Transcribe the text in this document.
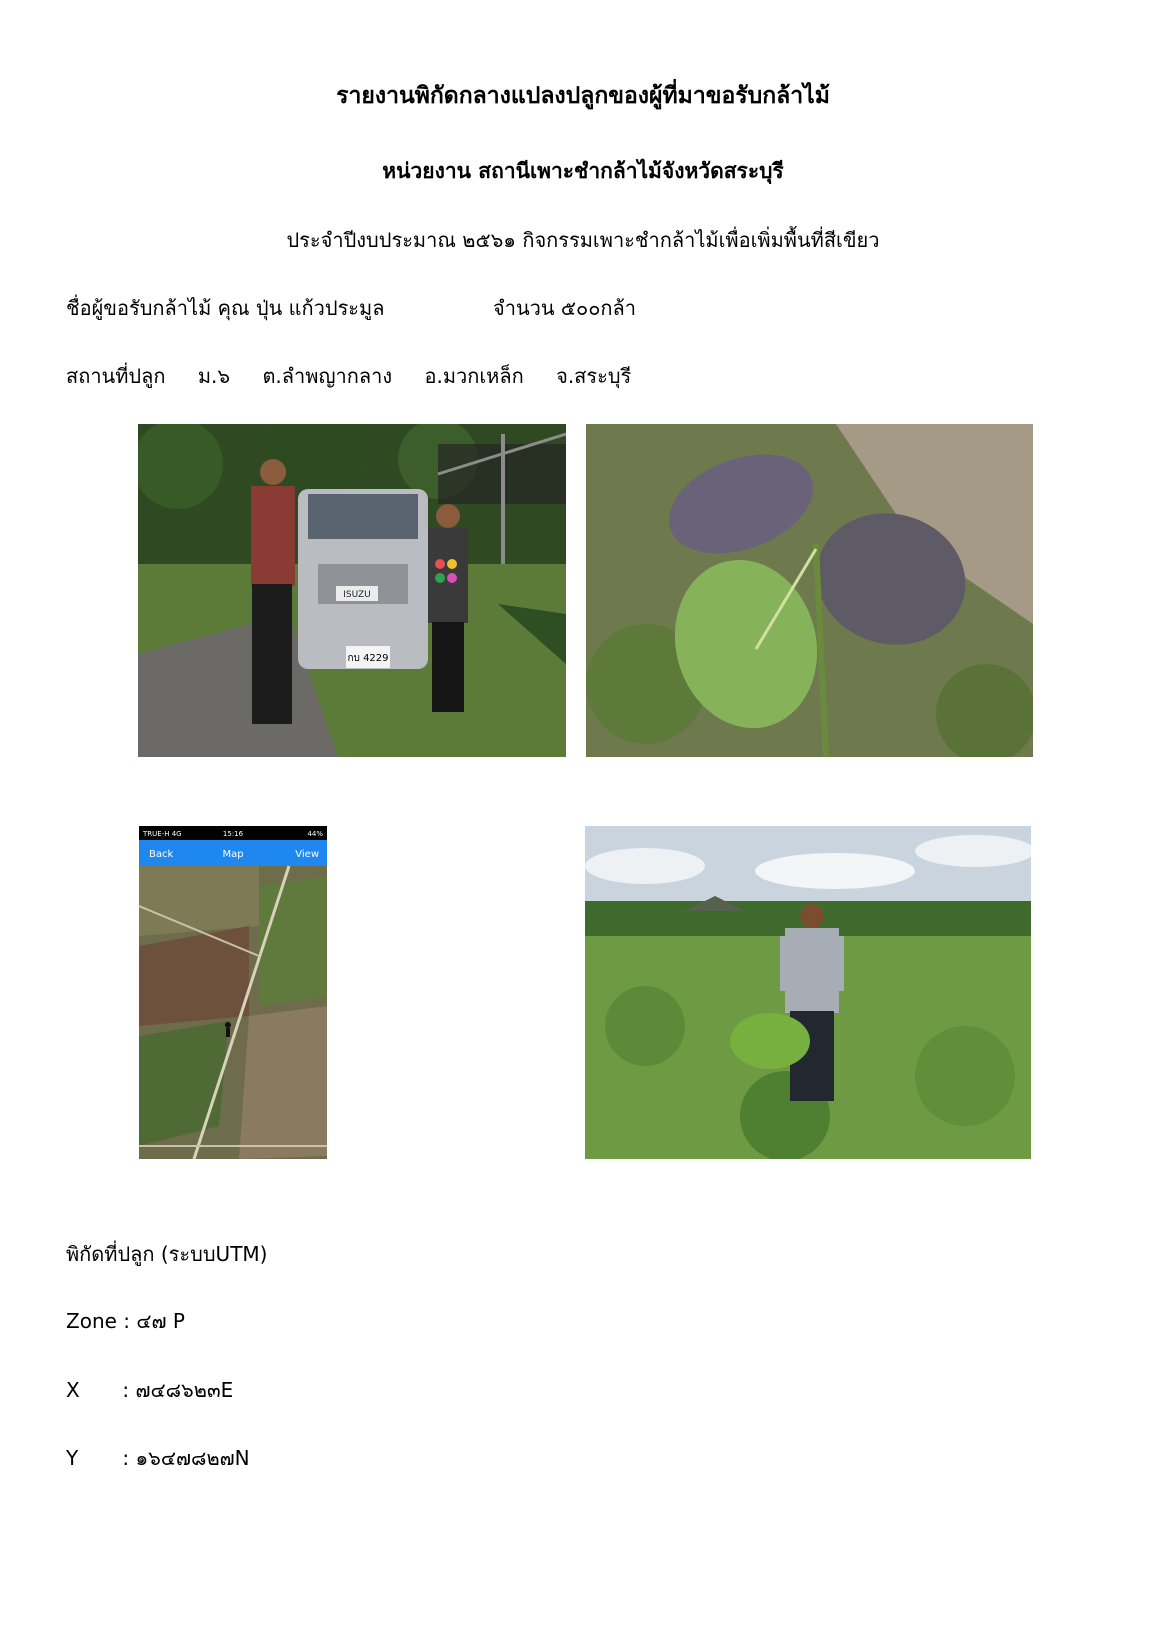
รายงานพิกัดกลางแปลงปลูกของผู้ที่มาขอรับกล้าไม้
หน่วยงาน สถานีเพาะชำกล้าไม้จังหวัดสระบุรี
ประจำปีงบประมาณ ๒๕๖๑ กิจกรรมเพาะชำกล้าไม้เพื่อเพิ่มพื้นที่สีเขียว
ชื่อผู้ขอรับกล้าไม้ คุณ ปุ่น แก้วประมูล	จำนวน ๕๐๐กล้า
สถานที่ปลูก ม.๖ ต.ลำพญากลาง อ.มวกเหล็ก จ.สระบุรี
กบ 4229
ISUZU
TRUE-H 4G	15:16	44%
Back	Map	View
พิกัดที่ปลูก (ระบบUTM)
Zone : ๔๗ P
X : ๗๔๘๖๒๓E
Y : ๑๖๔๗๘๒๗N
